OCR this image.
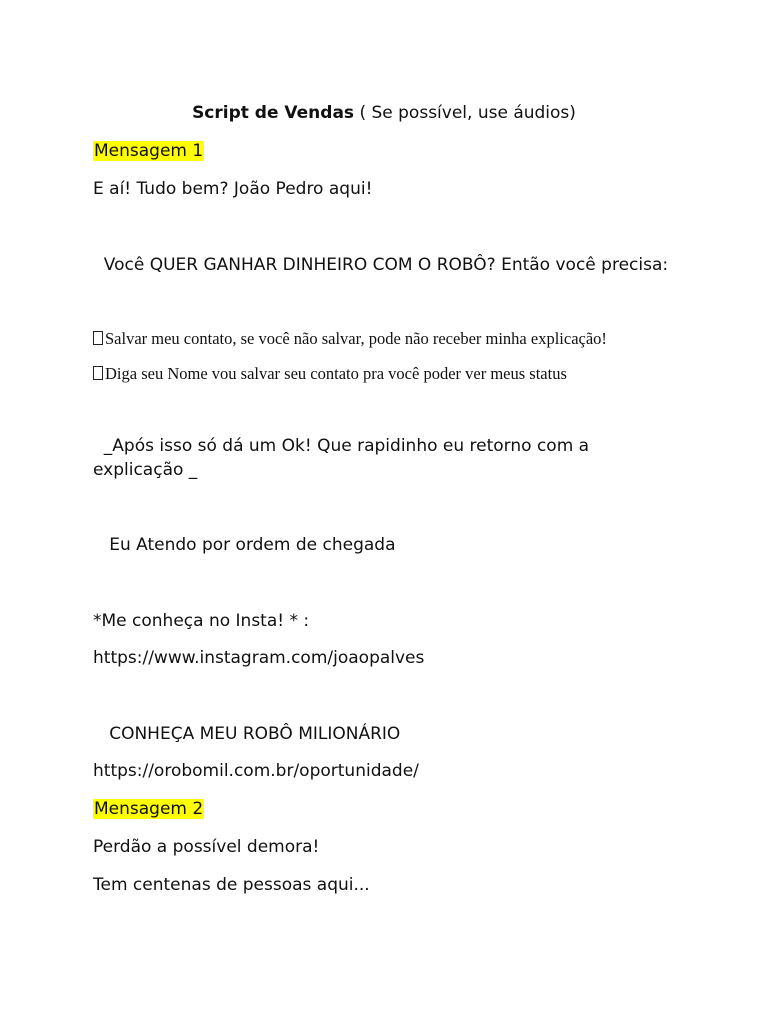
Script de Vendas ( Se possível, use áudios)
Mensagem 1
E aí! Tudo bem? João Pedro aqui!
Você QUER GANHAR DINHEIRO COM O ROBÔ? Então você precisa:
Salvar meu contato, se você não salvar, pode não receber minha explicação!
Diga seu Nome vou salvar seu contato pra você poder ver meus status
_Após isso só dá um Ok! Que rapidinho eu retorno com a
explicação _
Eu Atendo por ordem de chegada
*Me conheça no Insta! * :
https://www.instagram.com/joaopalves
CONHEÇA MEU ROBÔ MILIONÁRIO
https://orobomil.com.br/oportunidade/
Mensagem 2
Perdão a possível demora!
Tem centenas de pessoas aqui...
